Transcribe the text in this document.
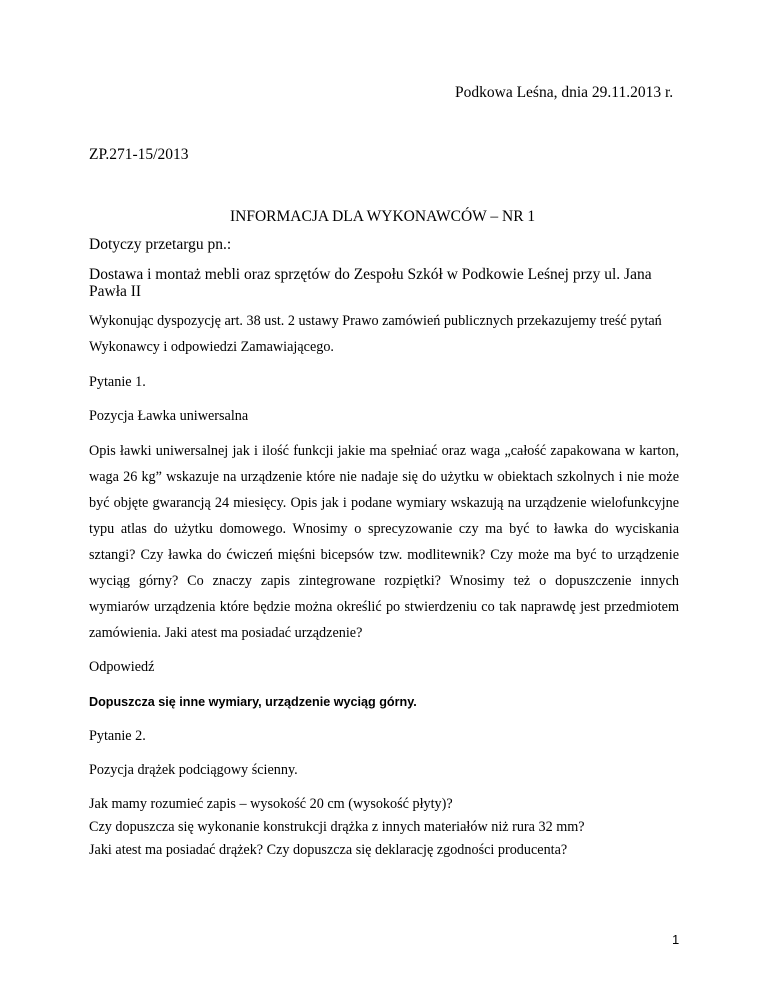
Podkowa Leśna, dnia 29.11.2013 r.

ZP.271-15/2013

INFORMACJA DLA WYKONAWCÓW – NR 1

Dotyczy przetargu pn.:

Dostawa i montaż mebli oraz sprzętów do Zespołu Szkół w Podkowie Leśnej przy ul. Jana

Pawła II

Wykonując dyspozycję art. 38 ust. 2 ustawy Prawo zamówień publicznych przekazujemy treść pytań

Wykonawcy i odpowiedzi Zamawiającego.

Pytanie 1.

Pozycja Ławka uniwersalna

Opis ławki uniwersalnej jak i ilość funkcji jakie ma spełniać oraz waga „całość zapakowana w karton,

waga 26 kg” wskazuje na urządzenie które nie nadaje się do użytku w obiektach szkolnych i nie może

być objęte gwarancją 24 miesięcy. Opis jak i podane wymiary wskazują na urządzenie wielofunkcyjne

typu atlas do użytku domowego. Wnosimy o sprecyzowanie czy ma być to ławka do wyciskania

sztangi? Czy ławka do ćwiczeń mięśni bicepsów tzw. modlitewnik? Czy może ma być to urządzenie

wyciąg górny? Co znaczy zapis zintegrowane rozpiętki? Wnosimy też o dopuszczenie innych

wymiarów urządzenia które będzie można określić po stwierdzeniu co tak naprawdę jest przedmiotem

zamówienia. Jaki atest ma posiadać urządzenie?

Odpowiedź

Dopuszcza się inne wymiary, urządzenie wyciąg górny.

Pytanie 2.

Pozycja drążek podciągowy ścienny.

Jak mamy rozumieć zapis – wysokość 20 cm (wysokość płyty)?

Czy dopuszcza się wykonanie konstrukcji drążka z innych materiałów niż rura 32 mm?

Jaki atest ma posiadać drążek? Czy dopuszcza się deklarację zgodności producenta?

1
